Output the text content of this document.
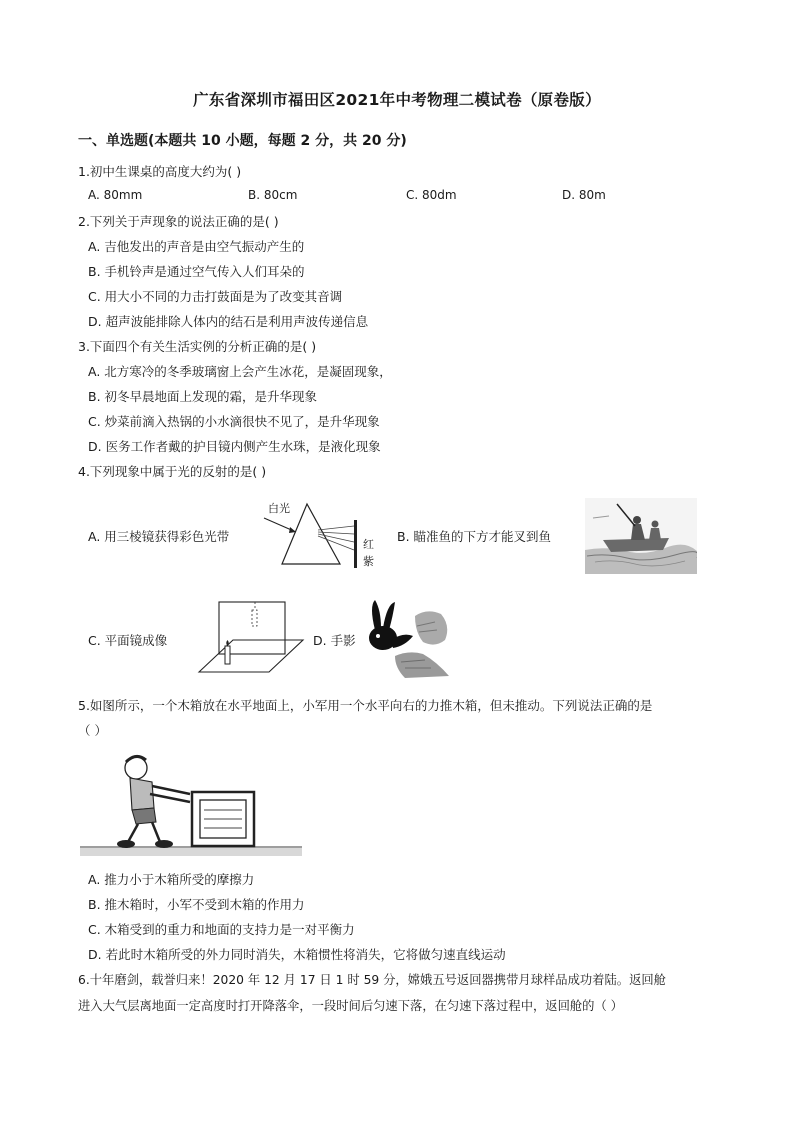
广东省深圳市福田区2021年中考物理二模试卷（原卷版）
一、单选题(本题共 10 小题，每题 2 分，共 20 分)
1.初中生课桌的高度大约为( )
A. 80mm	B. 80cm	C. 80dm	D. 80m
2.下列关于声现象的说法正确的是( )
A. 吉他发出的声音是由空气振动产生的
B. 手机铃声是通过空气传入人们耳朵的
C. 用大小不同的力击打鼓面是为了改变其音调
D. 超声波能排除人体内的结石是利用声波传递信息
3.下面四个有关生活实例的分析正确的是( )
A. 北方寒冷的冬季玻璃窗上会产生冰花，是凝固现象，
B. 初冬早晨地面上发现的霜，是升华现象
C. 炒菜前滴入热锅的小水滴很快不见了，是升华现象
D. 医务工作者戴的护目镜内侧产生水珠，是液化现象
4.下列现象中属于光的反射的是( )
A. 用三棱镜获得彩色光带
白光
红
紫
B. 瞄准鱼的下方才能叉到鱼
C. 平面镜成像	D. 手影
5.如图所示，一个木箱放在水平地面上，小军用一个水平向右的力推木箱，但未推动。下列说法正确的是
（ ）
A. 推力小于木箱所受的摩擦力
B. 推木箱时，小军不受到木箱的作用力
C. 木箱受到的重力和地面的支持力是一对平衡力
D. 若此时木箱所受的外力同时消失，木箱惯性将消失，它将做匀速直线运动
6.十年磨剑，载誉归来！2020 年 12 月 17 日 1 时 59 分，嫦娥五号返回器携带月球样品成功着陆。返回舱
进入大气层离地面一定高度时打开降落伞，一段时间后匀速下落，在匀速下落过程中，返回舱的（ ）
